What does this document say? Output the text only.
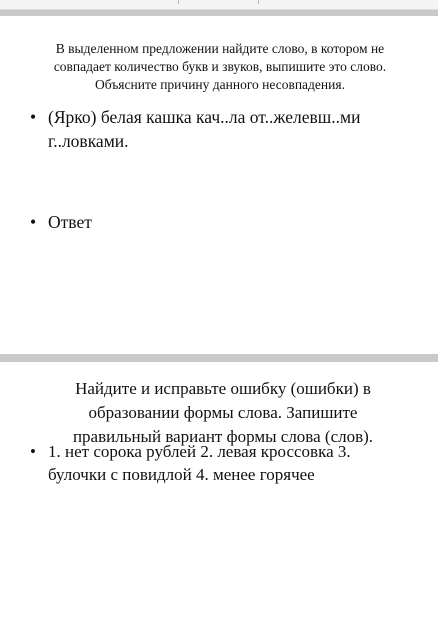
В выделенном предложении найдите слово, в котором не совпадает количество букв и звуков, выпишите это слово. Объясните причину данного несовпадения.
• (Ярко) белая кашка кач..ла от..желевш..ми г..ловками.
• Ответ
Найдите и исправьте ошибку (ошибки) в образовании формы слова. Запишите правильный вариант формы слова (слов).
• 1. нет сорока рублей 2. левая кроссовка 3. булочки с повидлой 4. менее горячее
